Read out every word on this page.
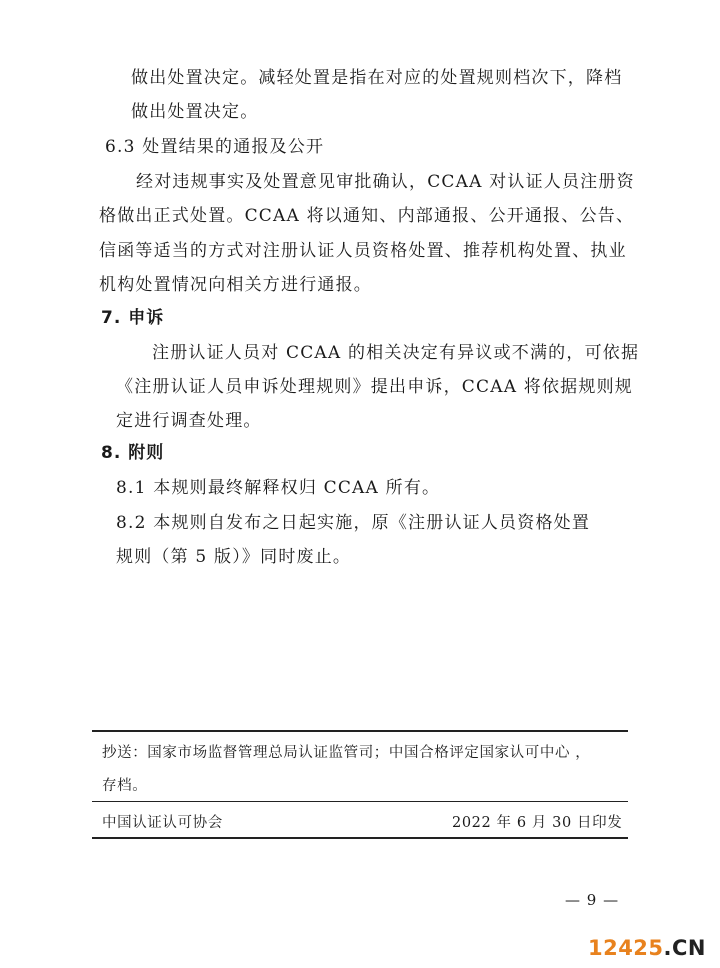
做出处置决定。减轻处置是指在对应的处置规则档次下，降档
做出处置决定。
6.3 处置结果的通报及公开
经对违规事实及处置意见审批确认，CCAA 对认证人员注册资
格做出正式处置。CCAA 将以通知、内部通报、公开通报、公告、
信函等适当的方式对注册认证人员资格处置、推荐机构处置、执业
机构处置情况向相关方进行通报。
7. 申诉
注册认证人员对 CCAA 的相关决定有异议或不满的，可依据
《注册认证人员申诉处理规则》提出申诉，CCAA 将依据规则规
定进行调查处理。
8. 附则
8.1 本规则最终解释权归 CCAA 所有。
8.2 本规则自发布之日起实施，原《注册认证人员资格处置
规则（第 5 版）》同时废止。
抄送：国家市场监督管理总局认证监管司；中国合格评定国家认可中心 ，
存档。
中国认证认可协会	2022 年 6 月 30 日印发
— 9 —
12425.CN
